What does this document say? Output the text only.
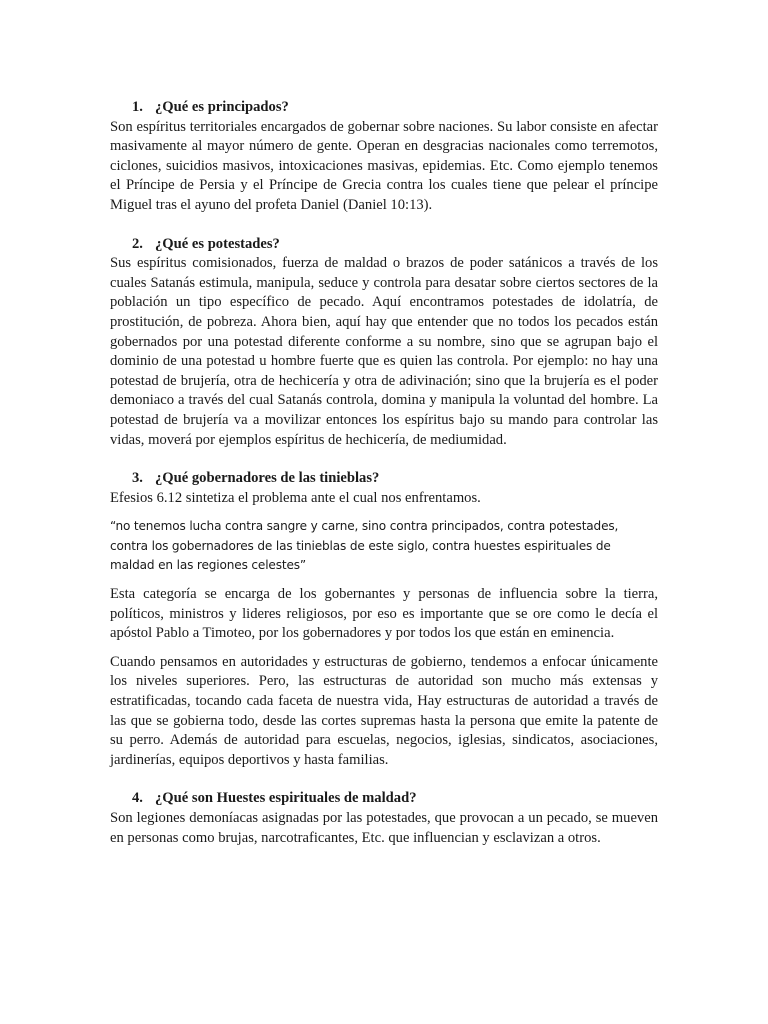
1. ¿Qué es principados?

Son espíritus territoriales encargados de gobernar sobre naciones. Su labor consiste en afectar masivamente al mayor número de gente. Operan en desgracias nacionales como terremotos, ciclones, suicidios masivos, intoxicaciones masivas, epidemias. Etc. Como ejemplo tenemos el Príncipe de Persia y el Príncipe de Grecia contra los cuales tiene que pelear el príncipe Miguel tras el ayuno del profeta Daniel (Daniel 10:13).

2. ¿Qué es potestades?

Sus espíritus comisionados, fuerza de maldad o brazos de poder satánicos a través de los cuales Satanás estimula, manipula, seduce y controla para desatar sobre ciertos sectores de la población un tipo específico de pecado. Aquí encontramos potestades de idolatría, de prostitución, de pobreza. Ahora bien, aquí hay que entender que no todos los pecados están gobernados por una potestad diferente conforme a su nombre, sino que se agrupan bajo el dominio de una potestad u hombre fuerte que es quien las controla. Por ejemplo: no hay una potestad de brujería, otra de hechicería y otra de adivinación; sino que la brujería es el poder demoniaco a través del cual Satanás controla, domina y manipula la voluntad del hombre. La potestad de brujería va a movilizar entonces los espíritus bajo su mando para controlar las vidas, moverá por ejemplos espíritus de hechicería, de mediumidad.

3. ¿Qué gobernadores de las tinieblas?

Efesios 6.12 sintetiza el problema ante el cual nos enfrentamos.

“no tenemos lucha contra sangre y carne, sino contra principados, contra potestades,

contra los gobernadores de las tinieblas de este siglo, contra huestes espirituales de

maldad en las regiones celestes”

Esta categoría se encarga de los gobernantes y personas de influencia sobre la tierra, políticos, ministros y lideres religiosos, por eso es importante que se ore como le decía el apóstol Pablo a Timoteo, por los gobernadores y por todos los que están en eminencia.

Cuando pensamos en autoridades y estructuras de gobierno, tendemos a enfocar únicamente los niveles superiores. Pero, las estructuras de autoridad son mucho más extensas y estratificadas, tocando cada faceta de nuestra vida, Hay estructuras de autoridad a través de las que se gobierna todo, desde las cortes supremas hasta la persona que emite la patente de su perro. Además de autoridad para escuelas, negocios, iglesias, sindicatos, asociaciones, jardinerías, equipos deportivos y hasta familias.

4. ¿Qué son Huestes espirituales de maldad?

Son legiones demoníacas asignadas por las potestades, que provocan a un pecado, se mueven en personas como brujas, narcotraficantes, Etc. que influencian y esclavizan a otros.
